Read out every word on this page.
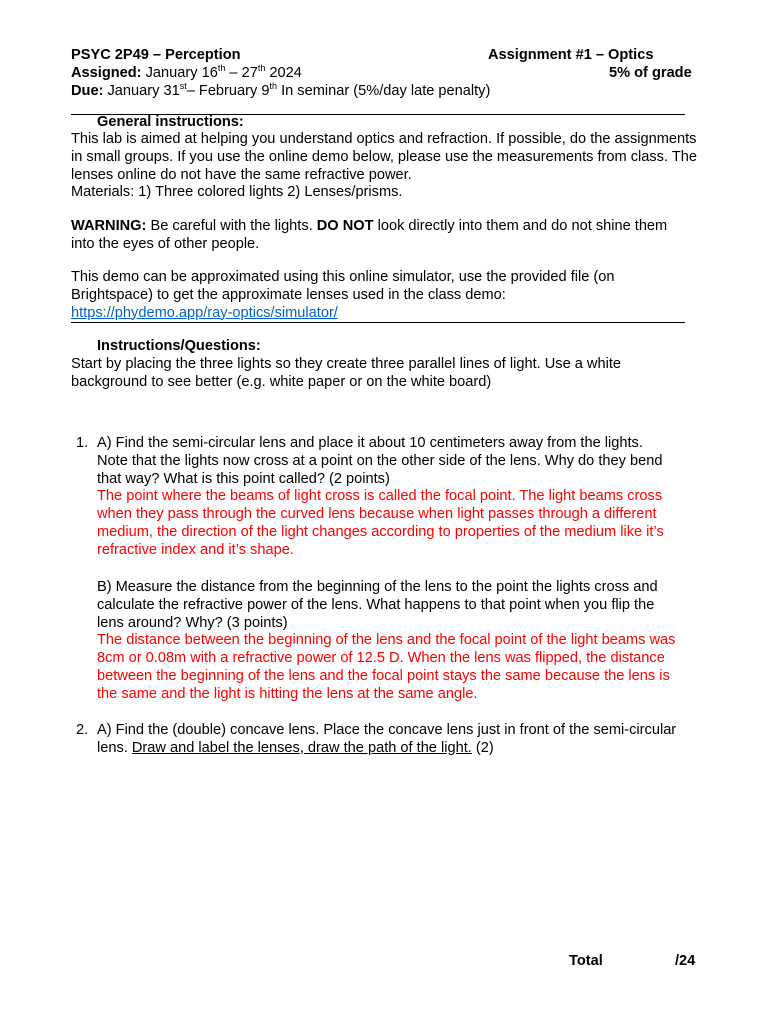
PSYC 2P49 – Perception	Assignment #1 – Optics
Assigned: January 16th – 27th 2024	5% of grade
Due: January 31st– February 9th In seminar (5%/day late penalty)
General instructions:
This lab is aimed at helping you understand optics and refraction. If possible, do the assignments
in small groups. If you use the online demo below, please use the measurements from class. The
lenses online do not have the same refractive power.
Materials: 1) Three colored lights 2) Lenses/prisms.
WARNING: Be careful with the lights. DO NOT look directly into them and do not shine them
into the eyes of other people.
This demo can be approximated using this online simulator, use the provided file (on
Brightspace) to get the approximate lenses used in the class demo:
https://phydemo.app/ray-optics/simulator/
Instructions/Questions:
Start by placing the three lights so they create three parallel lines of light. Use a white
background to see better (e.g. white paper or on the white board)
1. A) Find the semi-circular lens and place it about 10 centimeters away from the lights.

Note that the lights now cross at a point on the other side of the lens. Why do they bend

that way? What is this point called? (2 points)

The point where the beams of light cross is called the focal point. The light beams cross

when they pass through the curved lens because when light passes through a different

medium, the direction of the light changes according to properties of the medium like it’s

refractive index and it’s shape.

B) Measure the distance from the beginning of the lens to the point the lights cross and

calculate the refractive power of the lens. What happens to that point when you flip the

lens around? Why? (3 points)

The distance between the beginning of the lens and the focal point of the light beams was

8cm or 0.08m with a refractive power of 12.5 D. When the lens was flipped, the distance

between the beginning of the lens and the focal point stays the same because the lens is

the same and the light is hitting the lens at the same angle.

2. A) Find the (double) concave lens. Place the concave lens just in front of the semi-circular

lens. Draw and label the lenses, draw the path of the light. (2)

Total	/24
